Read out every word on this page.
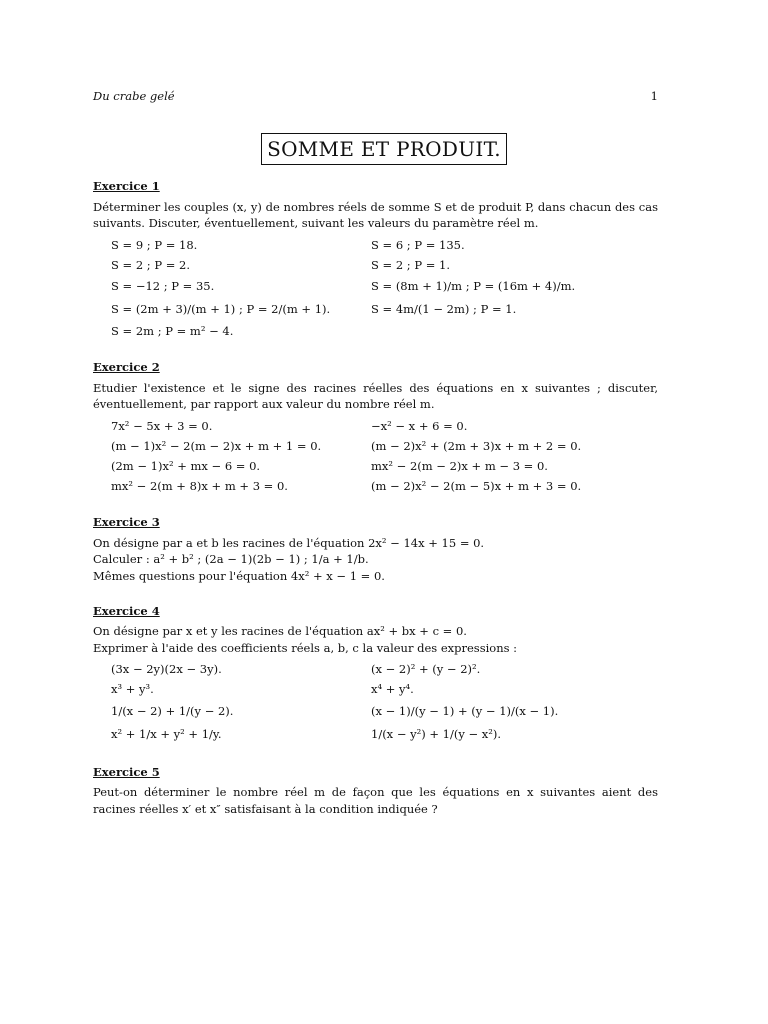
Du crabe gelé	1
SOMME ET PRODUIT.
Exercice 1

Déterminer les couples (x, y) de nombres réels de somme S et de produit P, dans chacun des cas suivants. Discuter, éventuellement, suivant les valeurs du paramètre réel m.

S = 9 ; P = 18.	S = 6 ; P = 135.
S = 2 ; P = 2.	S = 2 ; P = 1.
S = −12 ; P = 35.	S = (8m + 1)/m ; P = (16m + 4)/m.
S = (2m + 3)/(m + 1) ; P = 2/(m + 1).	S = 4m/(1 − 2m) ; P = 1.
S = 2m ; P = m² − 4.
Exercice 2

Etudier l'existence et le signe des racines réelles des équations en x suivantes ; discuter, éventuellement, par rapport aux valeur du nombre réel m.

7x² − 5x + 3 = 0.	−x² − x + 6 = 0.
(m − 1)x² − 2(m − 2)x + m + 1 = 0.	(m − 2)x² + (2m + 3)x + m + 2 = 0.
(2m − 1)x² + mx − 6 = 0.	mx² − 2(m − 2)x + m − 3 = 0.
mx² − 2(m + 8)x + m + 3 = 0.	(m − 2)x² − 2(m − 5)x + m + 3 = 0.
Exercice 3
On désigne par a et b les racines de l'équation 2x² − 14x + 15 = 0.
Calculer : a² + b² ; (2a − 1)(2b − 1) ; 1/a + 1/b.
Mêmes questions pour l'équation 4x² + x − 1 = 0.
Exercice 4
On désigne par x et y les racines de l'équation ax² + bx + c = 0.
Exprimer à l'aide des coefficients réels a, b, c la valeur des expressions :
(3x − 2y)(2x − 3y).	(x − 2)² + (y − 2)².
x³ + y³.	x⁴ + y⁴.
1/(x − 2) + 1/(y − 2).	(x − 1)/(y − 1) + (y − 1)/(x − 1).
x² + 1/x + y² + 1/y.	1/(x − y²) + 1/(y − x²).
Exercice 5

Peut-on déterminer le nombre réel m de façon que les équations en x suivantes aient des racines réelles x′ et x″ satisfaisant à la condition indiquée ?
